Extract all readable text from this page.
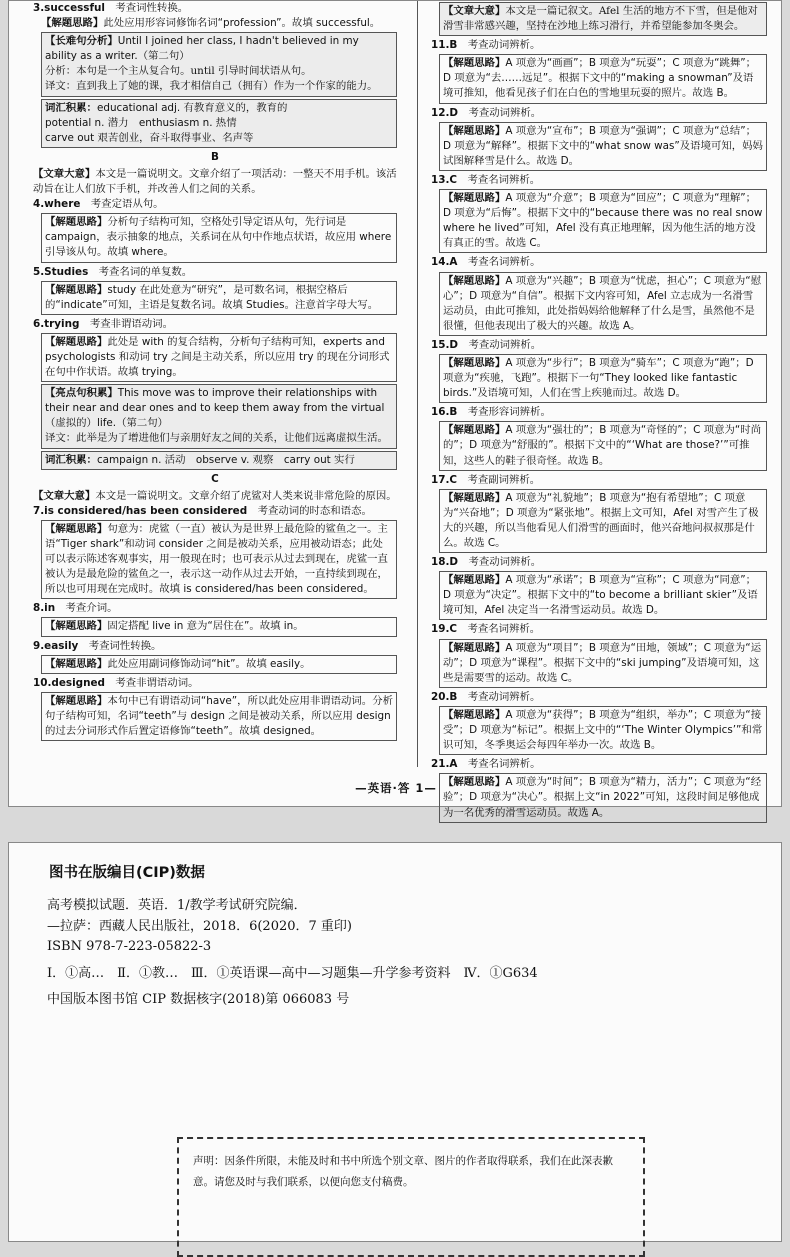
3.successful　 考查词性转换。
【解题思路】此处应用形容词修饰名词“profession”。故填 successful。
【长难句分析】Until I joined her class, I hadn't believed in my ability as a writer.（第二句）
分析：本句是一个主从复合句。until 引导时间状语从句。
译文：直到我上了她的课，我才相信自己（拥有）作为一个作家的能力。
词汇积累：educational adj. 有教育意义的，教育的
potential n. 潜力　enthusiasm n. 热情
carve out 艰苦创业，奋斗取得事业、名声等
B
【文章大意】本文是一篇说明文。文章介绍了一项活动：一整天不用手机。该活动旨在让人们放下手机，并改善人们之间的关系。
4.where　 考查定语从句。
【解题思路】分析句子结构可知，空格处引导定语从句，先行词是 campaign，表示抽象的地点，关系词在从句中作地点状语，故应用 where 引导该从句。故填 where。
5.Studies　 考查名词的单复数。
【解题思路】study 在此处意为“研究”，是可数名词，根据空格后的“indicate”可知，主语是复数名词。故填 Studies。注意首字母大写。
6.trying　 考查非谓语动词。
【解题思路】此处是 with 的复合结构，分析句子结构可知，experts and psychologists 和动词 try 之间是主动关系，所以应用 try 的现在分词形式在句中作状语。故填 trying。
【亮点句积累】This move was to improve their relationships with their near and dear ones and to keep them away from the virtual（虚拟的）life.（第二句）
译文：此举是为了增进他们与亲朋好友之间的关系，让他们远离虚拟生活。
词汇积累：campaign n. 活动　observe v. 观察　carry out 实行
C
【文章大意】本文是一篇说明文。文章介绍了虎鲨对人类来说非常危险的原因。
7.is considered/has been considered　 考查动词的时态和语态。
【解题思路】句意为：虎鲨（一直）被认为是世界上最危险的鲨鱼之一。主语“Tiger shark”和动词 consider 之间是被动关系，应用被动语态；此处可以表示陈述客观事实，用一般现在时；也可表示从过去到现在，虎鲨一直被认为是最危险的鲨鱼之一，表示这一动作从过去开始，一直持续到现在，所以也可用现在完成时。故填 is considered/has been considered。
8.in　 考查介词。
【解题思路】固定搭配 live in 意为“居住在”。故填 in。
9.easily　 考查词性转换。
【解题思路】此处应用副词修饰动词“hit”。故填 easily。
10.designed　 考查非谓语动词。
【解题思路】本句中已有谓语动词“have”，所以此处应用非谓语动词。分析句子结构可知，名词“teeth”与 design 之间是被动关系，所以应用 design 的过去分词形式作后置定语修饰“teeth”。故填 designed。
【文章大意】本文是一篇记叙文。Afel 生活的地方不下雪，但是他对滑雪非常感兴趣，坚持在沙地上练习滑行，并希望能参加冬奥会。
11.B　 考查动词辨析。
【解题思路】A 项意为“画画”；B 项意为“玩耍”；C 项意为“跳舞”；D 项意为“去……远足”。根据下文中的“making a snowman”及语境可推知，他看见孩子们在白色的雪地里玩耍的照片。故选 B。
12.D　 考查动词辨析。
【解题思路】A 项意为“宣布”；B 项意为“强调”；C 项意为“总结”；D 项意为“解释”。根据下文中的“what snow was”及语境可知，妈妈试图解释雪是什么。故选 D。
13.C　 考查名词辨析。
【解题思路】A 项意为“介意”；B 项意为“回应”；C 项意为“理解”；D 项意为“后悔”。根据下文中的“because there was no real snow where he lived”可知，Afel 没有真正地理解，因为他生活的地方没有真正的雪。故选 C。
14.A　 考查名词辨析。
【解题思路】A 项意为“兴趣”；B 项意为“忧虑，担心”；C 项意为“慰心”；D 项意为“自信”。根据下文内容可知，Afel 立志成为一名滑雪运动员，由此可推知，此处指妈妈给他解释了什么是雪，虽然他不是很懂，但他表现出了极大的兴趣。故选 A。
15.D　 考查动词辨析。
【解题思路】A 项意为“步行”；B 项意为“骑车”；C 项意为“跑”；D 项意为“疾驰，飞跑”。根据下一句“They looked like fantastic birds.”及语境可知，人们在雪上疾驰而过。故选 D。
16.B　 考查形容词辨析。
【解题思路】A 项意为“强壮的”；B 项意为“奇怪的”；C 项意为“时尚的”；D 项意为“舒服的”。根据下文中的“‘What are those?’”可推知，这些人的鞋子很奇怪。故选 B。
17.C　 考查副词辨析。
【解题思路】A 项意为“礼貌地”；B 项意为“抱有希望地”；C 项意为“兴奋地”；D 项意为“紧张地”。根据上文可知，Afel 对雪产生了极大的兴趣，所以当他看见人们滑雪的画面时，他兴奋地问叔叔那是什么。故选 C。
18.D　 考查动词辨析。
【解题思路】A 项意为“承诺”；B 项意为“宣称”；C 项意为“同意”；D 项意为“决定”。根据下文中的“to become a brilliant skier”及语境可知，Afel 决定当一名滑雪运动员。故选 D。
19.C　 考查名词辨析。
【解题思路】A 项意为“项目”；B 项意为“田地，领域”；C 项意为“运动”；D 项意为“课程”。根据下文中的“ski jumping”及语境可知，这些是需要雪的运动。故选 C。
20.B　 考查动词辨析。
【解题思路】A 项意为“获得”；B 项意为“组织，举办”；C 项意为“接受”；D 项意为“标记”。根据上文中的“‘The Winter Olympics’”和常识可知，冬季奥运会每四年举办一次。故选 B。
21.A　 考查名词辨析。
【解题思路】A 项意为“时间”；B 项意为“精力，活力”；C 项意为“经验”；D 项意为“决心”。根据上文“in 2022”可知，这段时间足够他成为一名优秀的滑雪运动员。故选 A。
—英语·答 1—
图书在版编目(CIP)数据
高考模拟试题．英语．1/教学考试研究院编．
—拉萨：西藏人民出版社，2018．6(2020．7 重印)
ISBN 978-7-223-05822-3
Ⅰ．①高…　Ⅱ．①教…　Ⅲ．①英语课—高中—习题集—升学参考资料　Ⅳ．①G634
中国版本图书馆 CIP 数据核字(2018)第 066083 号
声明：因条件所限，未能及时和书中所选个别文章、图片的作者取得联系，我们在此深表歉意。请您及时与我们联系，以便向您支付稿费。
